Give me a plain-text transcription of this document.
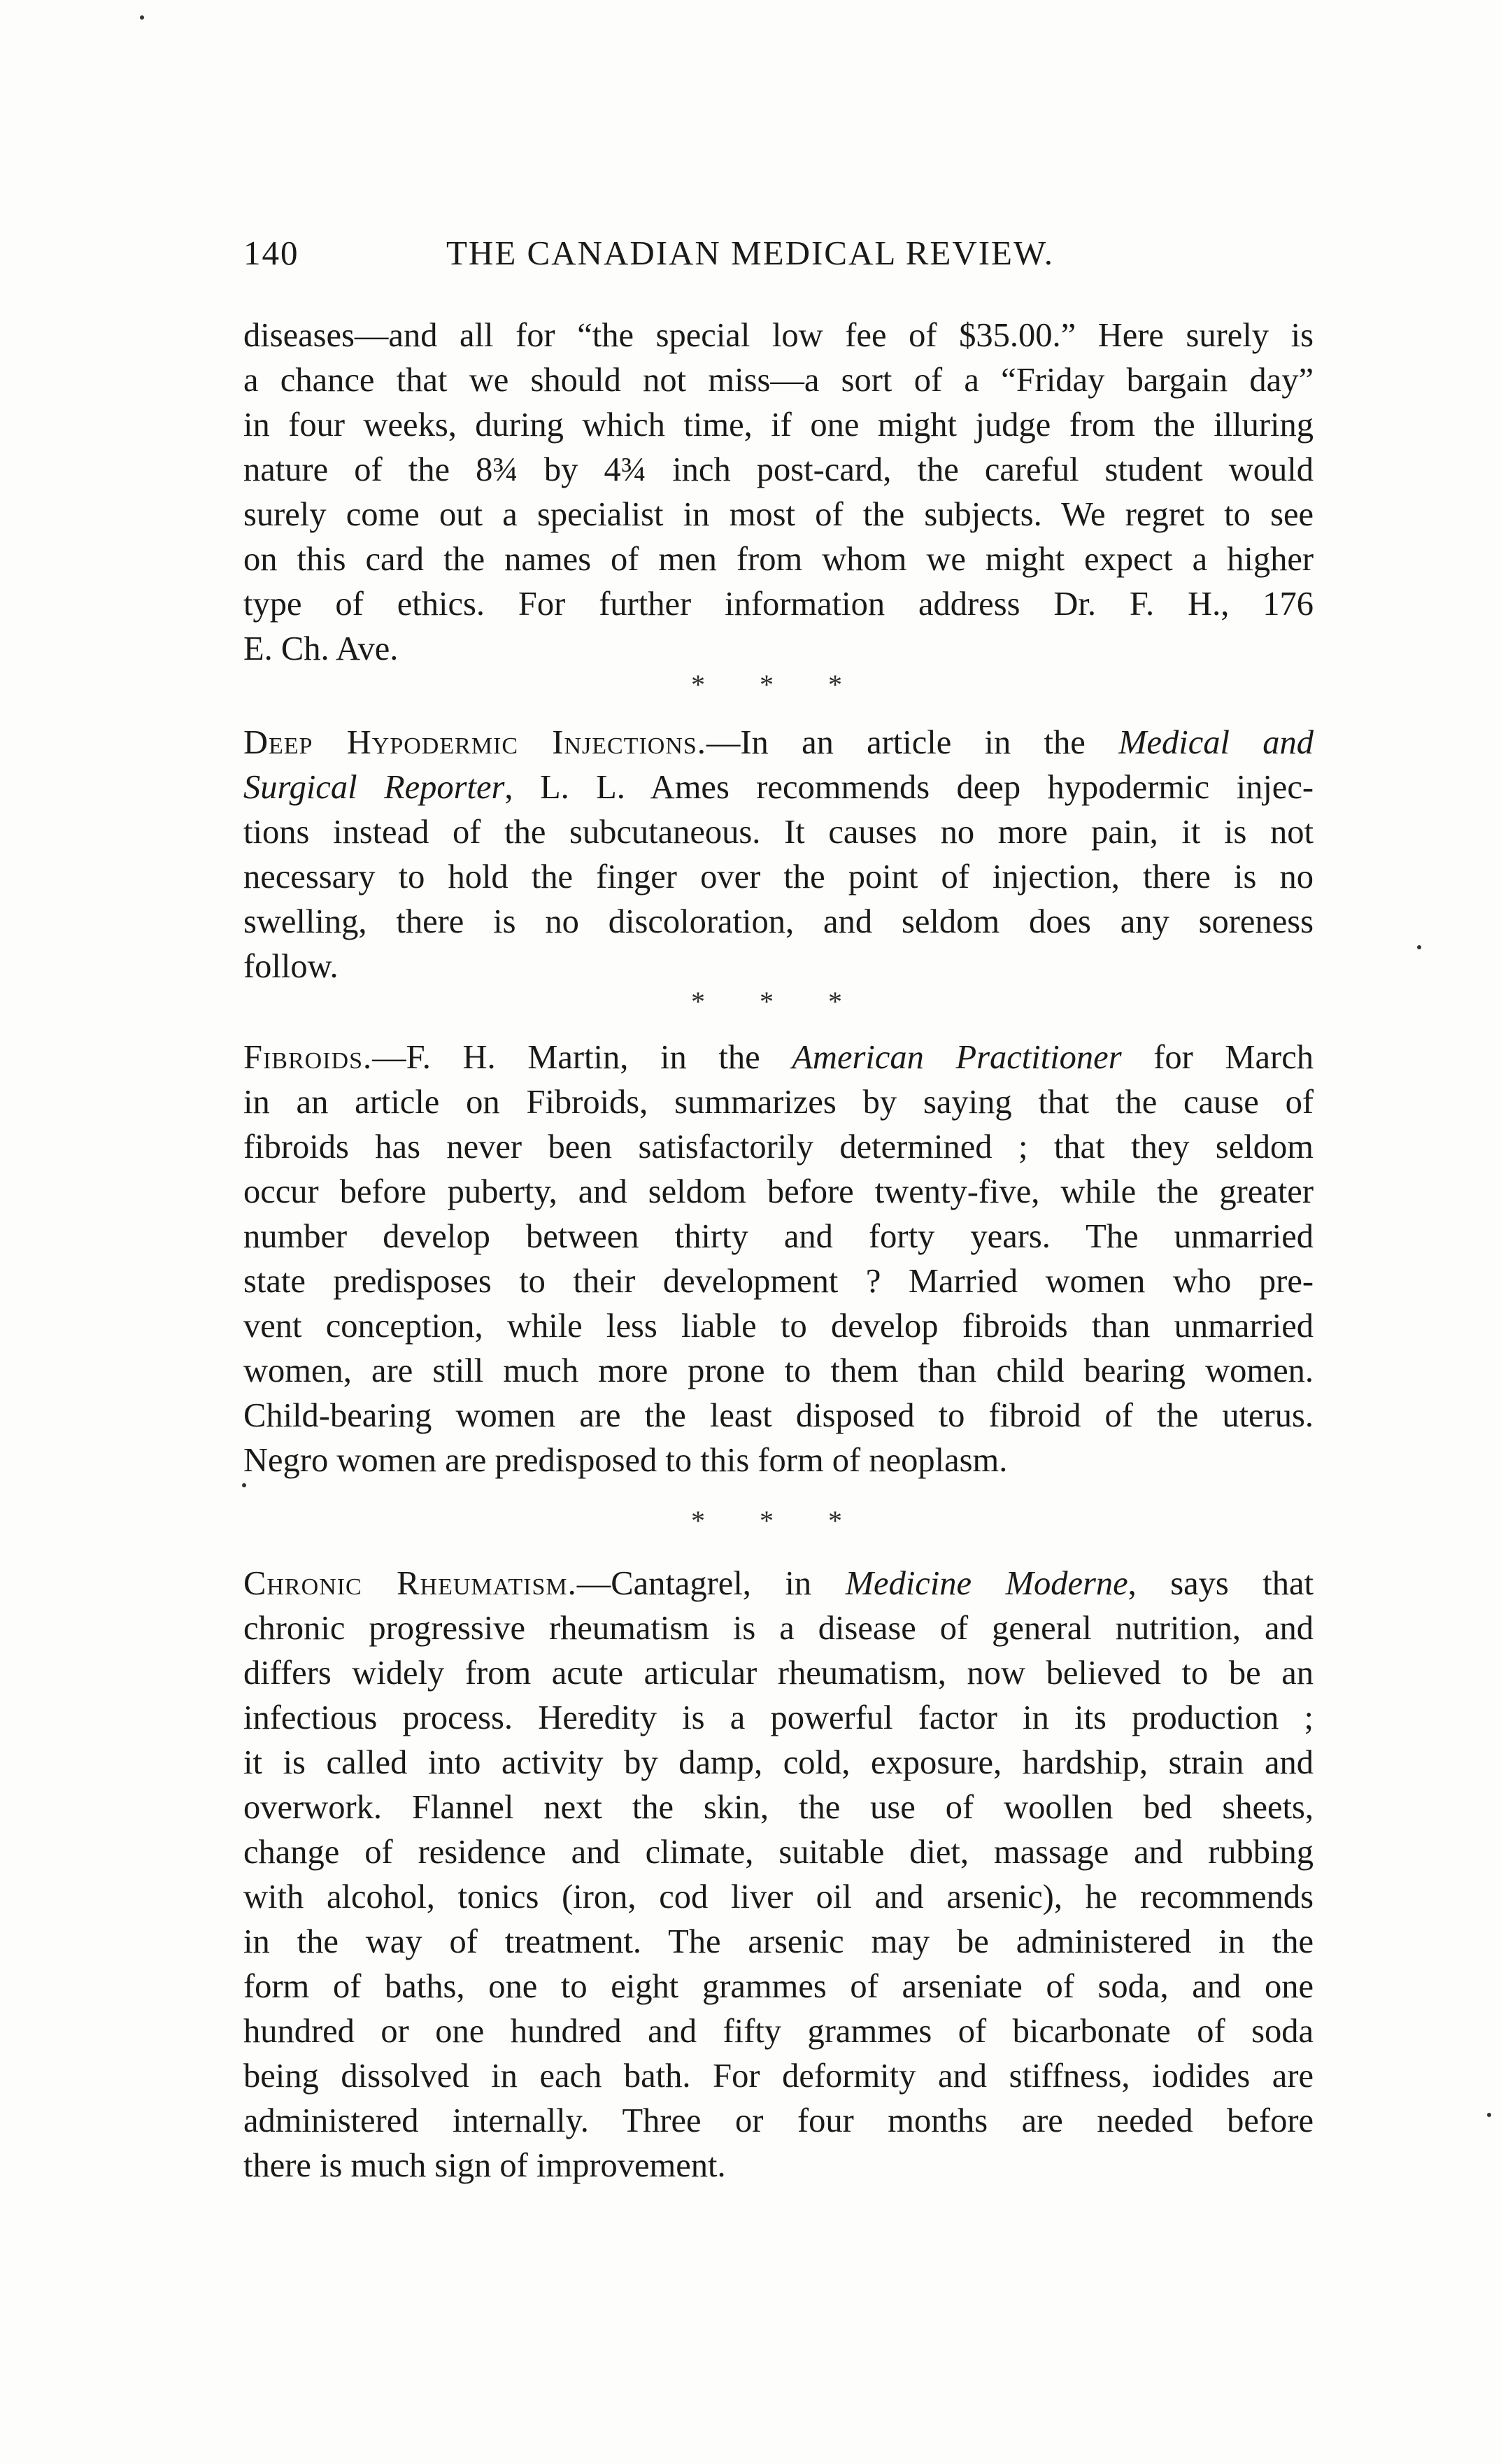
140	THE CANADIAN MEDICAL REVIEW.
diseases—and all for “the special low fee of $35.00.” Here surely is
a chance that we should not miss—a sort of a “Friday bargain day”
in four weeks, during which time, if one might judge from the illuring
nature of the 8¾ by 4¾ inch post-card, the careful student would
surely come out a specialist in most of the subjects. We regret to see
on this card the names of men from whom we might expect a higher
type of ethics. For further information address Dr. F. H., 176
E. Ch. Ave.
* * *
Deep Hypodermic Injections.—In an article in the Medical and
Surgical Reporter, L. L. Ames recommends deep hypodermic injec-
tions instead of the subcutaneous. It causes no more pain, it is not
necessary to hold the finger over the point of injection, there is no
swelling, there is no discoloration, and seldom does any soreness
follow.
* * *
Fibroids.—F. H. Martin, in the American Practitioner for March
in an article on Fibroids, summarizes by saying that the cause of
fibroids has never been satisfactorily determined ; that they seldom
occur before puberty, and seldom before twenty-five, while the greater
number develop between thirty and forty years. The unmarried
state predisposes to their development ? Married women who pre-
vent conception, while less liable to develop fibroids than unmarried
women, are still much more prone to them than child bearing women.
Child-bearing women are the least disposed to fibroid of the uterus.
Negro women are predisposed to this form of neoplasm.
* * *
Chronic Rheumatism.—Cantagrel, in Medicine Moderne, says that
chronic progressive rheumatism is a disease of general nutrition, and
differs widely from acute articular rheumatism, now believed to be an
infectious process. Heredity is a powerful factor in its production ;
it is called into activity by damp, cold, exposure, hardship, strain and
overwork. Flannel next the skin, the use of woollen bed sheets,
change of residence and climate, suitable diet, massage and rubbing
with alcohol, tonics (iron, cod liver oil and arsenic), he recommends
in the way of treatment. The arsenic may be administered in the
form of baths, one to eight grammes of arseniate of soda, and one
hundred or one hundred and fifty grammes of bicarbonate of soda
being dissolved in each bath. For deformity and stiffness, iodides are
administered internally. Three or four months are needed before
there is much sign of improvement.
